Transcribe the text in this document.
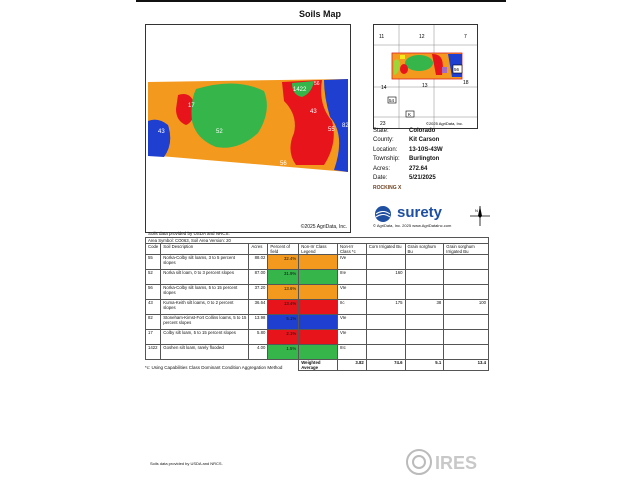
Soils Map
17
43	52
1422
43
55
82
56
56
©2025 AgriData, Inc.
11	12	7
14	13	18
23
K
56
54
©2025 AgriData, Inc.
State:	Colorado
County:	Kit Carson
Location:	13-10S-43W
Township:	Burlington
Acres:	272.64
Date:	5/21/2025
ROCKING X
surety
© AgriData, Inc. 2025 www.AgriDataInc.com
N
Soils data provided by USDA and NRCS.
Area Symbol: CO063, Soil Area Version: 20								
Code	Soil Description	Acres	Percent of field	Non-Irr Class Legend	Non-Irr Class *c	Corn Irrigated Bu	Grain sorghum Bu	Grain sorghum Irrigated Bu
55	Norka-Colby silt loams, 3 to 5 percent slopes	88.02	32.4%		IVe			
52	Norka silt loam, 0 to 3 percent slopes	87.00	31.9%		IIIe	160		
56	Norka-Colby silt loams, 5 to 15 percent slopes	37.20	13.6%		VIe			
43	Kuma-Keith silt loams, 0 to 2 percent slopes	36.64	13.4%		IIc	175	38	100
82	Stoneham-Kimst-Fort Collins loams, 5 to 15 percent slopes	13.98	5.1%		VIe			
17	Colby silt loam, 5 to 15 percent slopes	5.80	2.1%		VIe			
1422	Goshen silt loam, rarely flooded	4.00	1.5%		IIIc			
				Weighted Average	3.82	74.6	5.1	13.4
*c: Using Capabilities Class Dominant Condition Aggregation Method
Soils data provided by USDA and NRCS.	IRES
